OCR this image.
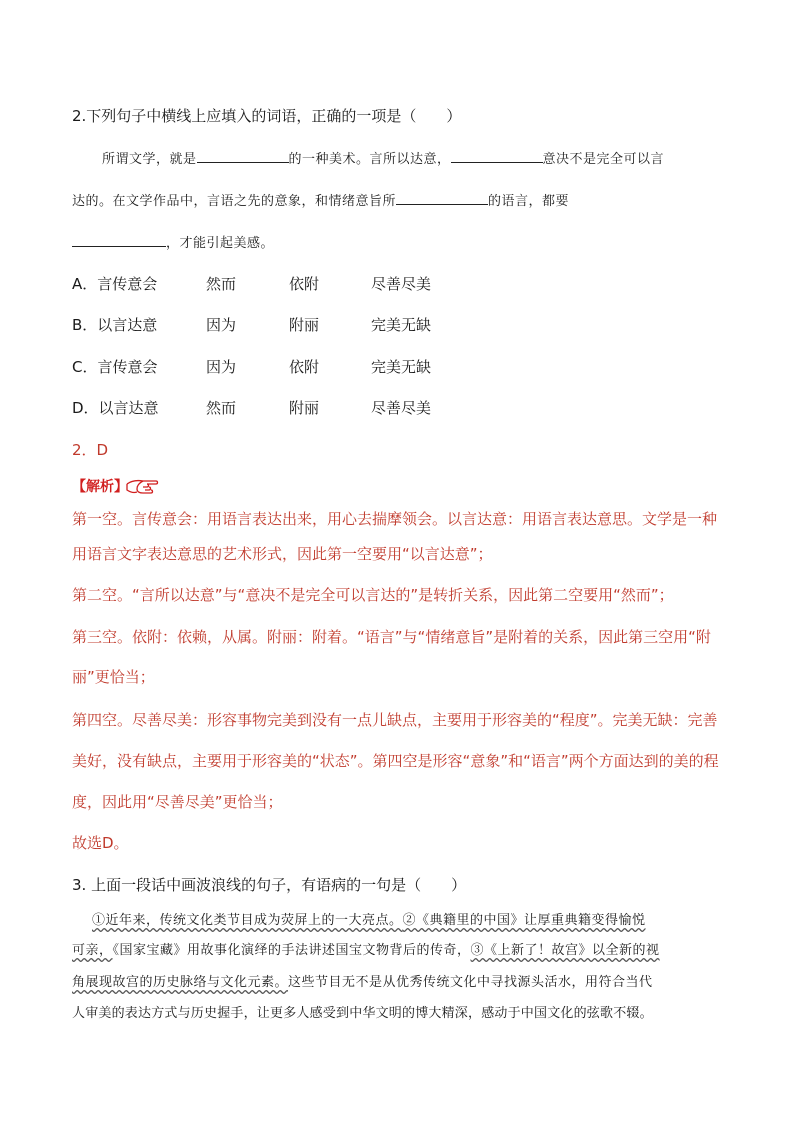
2.下列句子中横线上应填入的词语，正确的一项是（　　）
所谓文学，就是	的一种美术。言所以达意，	意决不是完全可以言
达的。在文学作品中，言语之先的意象，和情绪意旨所	的语言，都要
，才能引起美感。
A．言传意会	然而	依附	尽善尽美
B．以言达意	因为	附丽	完美无缺
C．言传意会	因为	依附	完美无缺
D．以言达意	然而	附丽	尽善尽美
2．D
【解析】
第一空。言传意会：用语言表达出来，用心去揣摩领会。以言达意：用语言表达意思。文学是一种
用语言文字表达意思的艺术形式，因此第一空要用“以言达意”；
第二空。“言所以达意”与“意决不是完全可以言达的”是转折关系，因此第二空要用“然而”；
第三空。依附：依赖，从属。附丽：附着。“语言”与“情绪意旨”是附着的关系，因此第三空用“附
丽”更恰当；
第四空。尽善尽美：形容事物完美到没有一点儿缺点，主要用于形容美的“程度”。完美无缺：完善
美好，没有缺点，主要用于形容美的“状态”。第四空是形容“意象”和“语言”两个方面达到的美的程
度，因此用“尽善尽美”更恰当；
故选D。
3. 上面一段话中画波浪线的句子，有语病的一句是（　　）
①近年来，传统文化类节目成为荧屏上的一大亮点。②《典籍里的中国》让厚重典籍变得愉悦
可亲，《国家宝藏》用故事化演绎的手法讲述国宝文物背后的传奇，③《上新了！故宫》以全新的视
角展现故宫的历史脉络与文化元素。这些节目无不是从优秀传统文化中寻找源头活水，用符合当代
人审美的表达方式与历史握手，让更多人感受到中华文明的博大精深，感动于中国文化的弦歌不辍。
